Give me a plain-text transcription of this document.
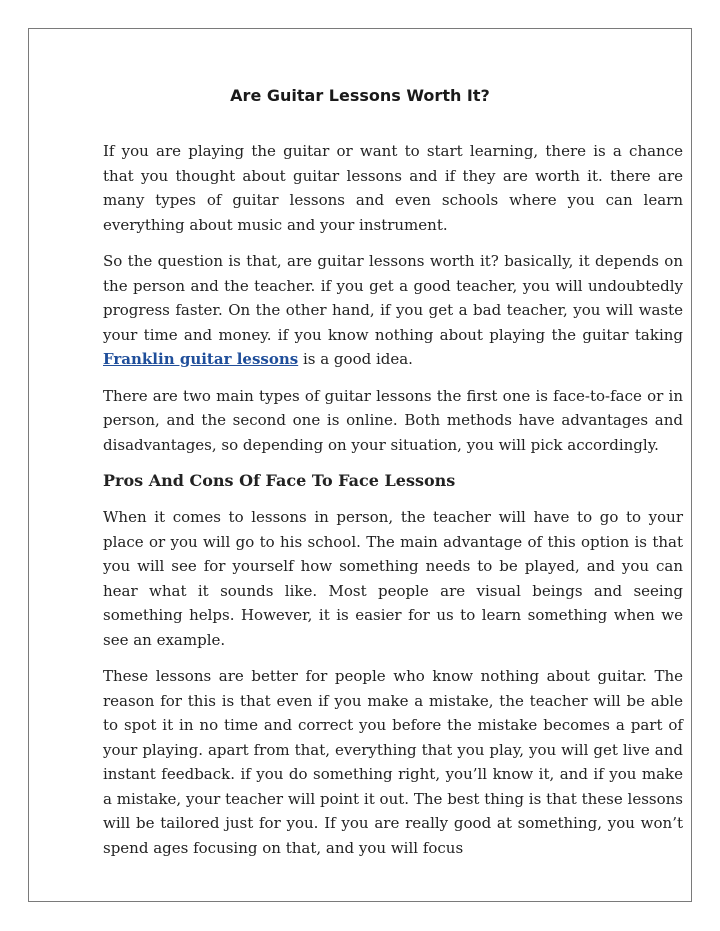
Are Guitar Lessons Worth It?

If you are playing the guitar or want to start learning, there is a chance that you thought about guitar lessons and if they are worth it. there are many types of guitar lessons and even schools where you can learn everything about music and your instrument.

So the question is that, are guitar lessons worth it? basically, it depends on the person and the teacher. if you get a good teacher, you will undoubtedly progress faster. On the other hand, if you get a bad teacher, you will waste your time and money. if you know nothing about playing the guitar taking Franklin guitar lessons is a good idea.

There are two main types of guitar lessons the first one is face-to-face or in person, and the second one is online. Both methods have advantages and disadvantages, so depending on your situation, you will pick accordingly.

Pros And Cons Of Face To Face Lessons

When it comes to lessons in person, the teacher will have to go to your place or you will go to his school. The main advantage of this option is that you will see for yourself how something needs to be played, and you can hear what it sounds like. Most people are visual beings and seeing something helps. However, it is easier for us to learn something when we see an example.

These lessons are better for people who know nothing about guitar. The reason for this is that even if you make a mistake, the teacher will be able to spot it in no time and correct you before the mistake becomes a part of your playing. apart from that, everything that you play, you will get live and instant feedback. if you do something right, you’ll know it, and if you make a mistake, your teacher will point it out. The best thing is that these lessons will be tailored just for you. If you are really good at something, you won’t spend ages focusing on that, and you will focus
